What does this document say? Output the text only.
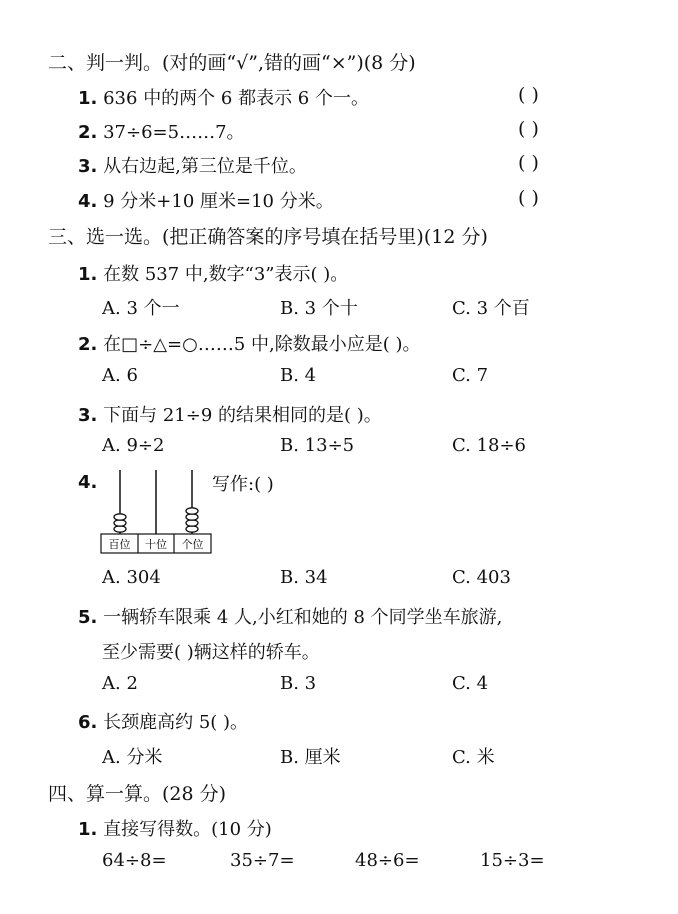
二、判一判。(对的画“√”,错的画“×”)(8 分)
1. 636 中的两个 6 都表示 6 个一。	( )
2. 37÷6=5……7。	( )
3. 从右边起,第三位是千位。	( )
4. 9 分米+10 厘米=10 分米。	( )
三、选一选。(把正确答案的序号填在括号里)(12 分)
1. 在数 537 中,数字“3”表示( )。
A. 3 个一	B. 3 个十	C. 3 个百
2. 在□÷△=○……5 中,除数最小应是( )。
A. 6	B. 4	C. 7
3. 下面与 21÷9 的结果相同的是( )。
A. 9÷2	B. 13÷5	C. 18÷6
4.	写作:( )
百位 十位 个位
A. 304	B. 34	C. 403
5. 一辆轿车限乘 4 人,小红和她的 8 个同学坐车旅游,
至少需要( )辆这样的轿车。
A. 2	B. 3	C. 4
6. 长颈鹿高约 5( )。
A. 分米	B. 厘米	C. 米
四、算一算。(28 分)
1. 直接写得数。(10 分)
64÷8=	35÷7=	48÷6=	15÷3=
